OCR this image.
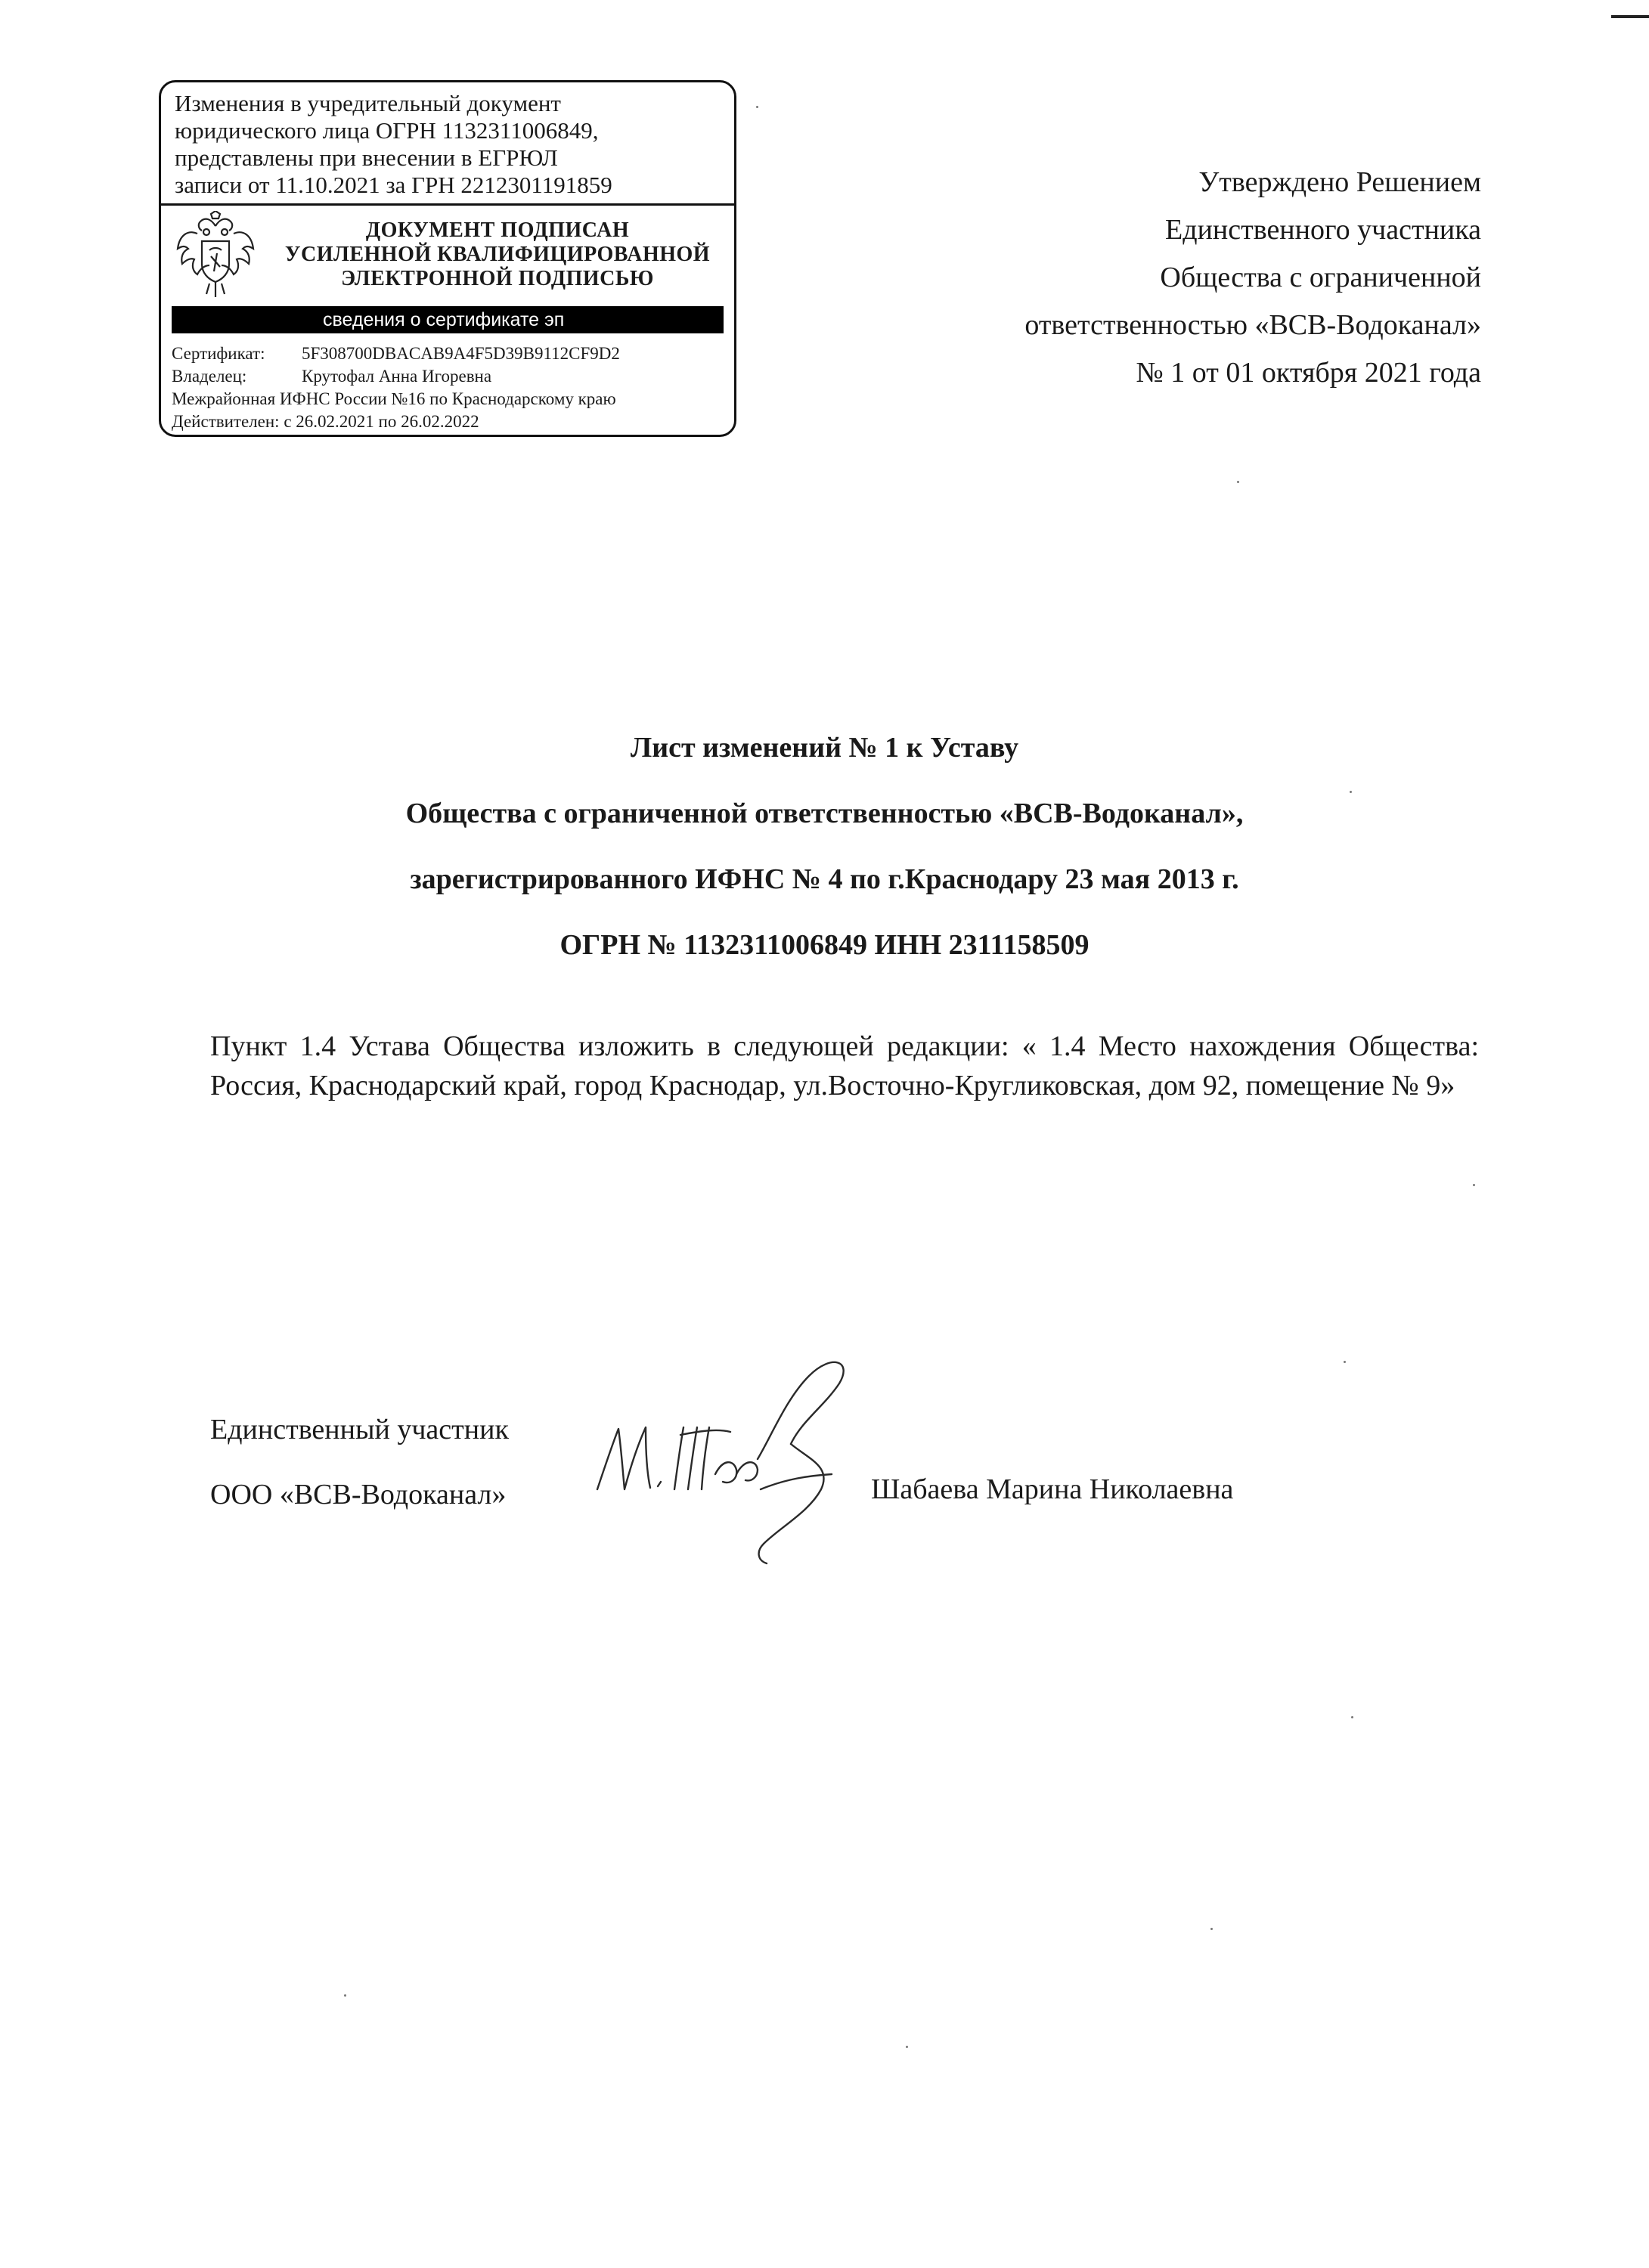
Изменения в учредительный документ
юридического лица ОГРН 1132311006849,
представлены при внесении в ЕГРЮЛ
записи от 11.10.2021 за ГРН 2212301191859
ДОКУМЕНТ ПОДПИСАН
УСИЛЕННОЙ КВАЛИФИЦИРОВАННОЙ
ЭЛЕКТРОННОЙ ПОДПИСЬЮ
сведения о сертификате эп
Сертификат: 5F308700DBACAB9A4F5D39B9112CF9D2
Владелец:	Крутофал Анна Игоревна
Межрайонная ИФНС России №16 по Краснодарскому краю
Действителен: с 26.02.2021 по 26.02.2022
Утверждено Решением
Единственного участника
Общества с ограниченной
ответственностью «ВСВ-Водоканал»
№ 1 от 01 октября 2021 года
Лист изменений № 1 к Уставу
Общества с ограниченной ответственностью «ВСВ-Водоканал»,
зарегистрированного ИФНС № 4 по г.Краснодару 23 мая 2013 г.
ОГРН № 1132311006849 ИНН 2311158509
Пункт 1.4 Устава Общества изложить в следующей редакции: « 1.4 Место нахождения Общества: Россия, Краснодарский край, город Краснодар, ул.Восточно-Кругликовская, дом 92, помещение № 9»
Единственный участник
ООО «ВСВ-Водоканал»	Шабаева Марина Николаевна
